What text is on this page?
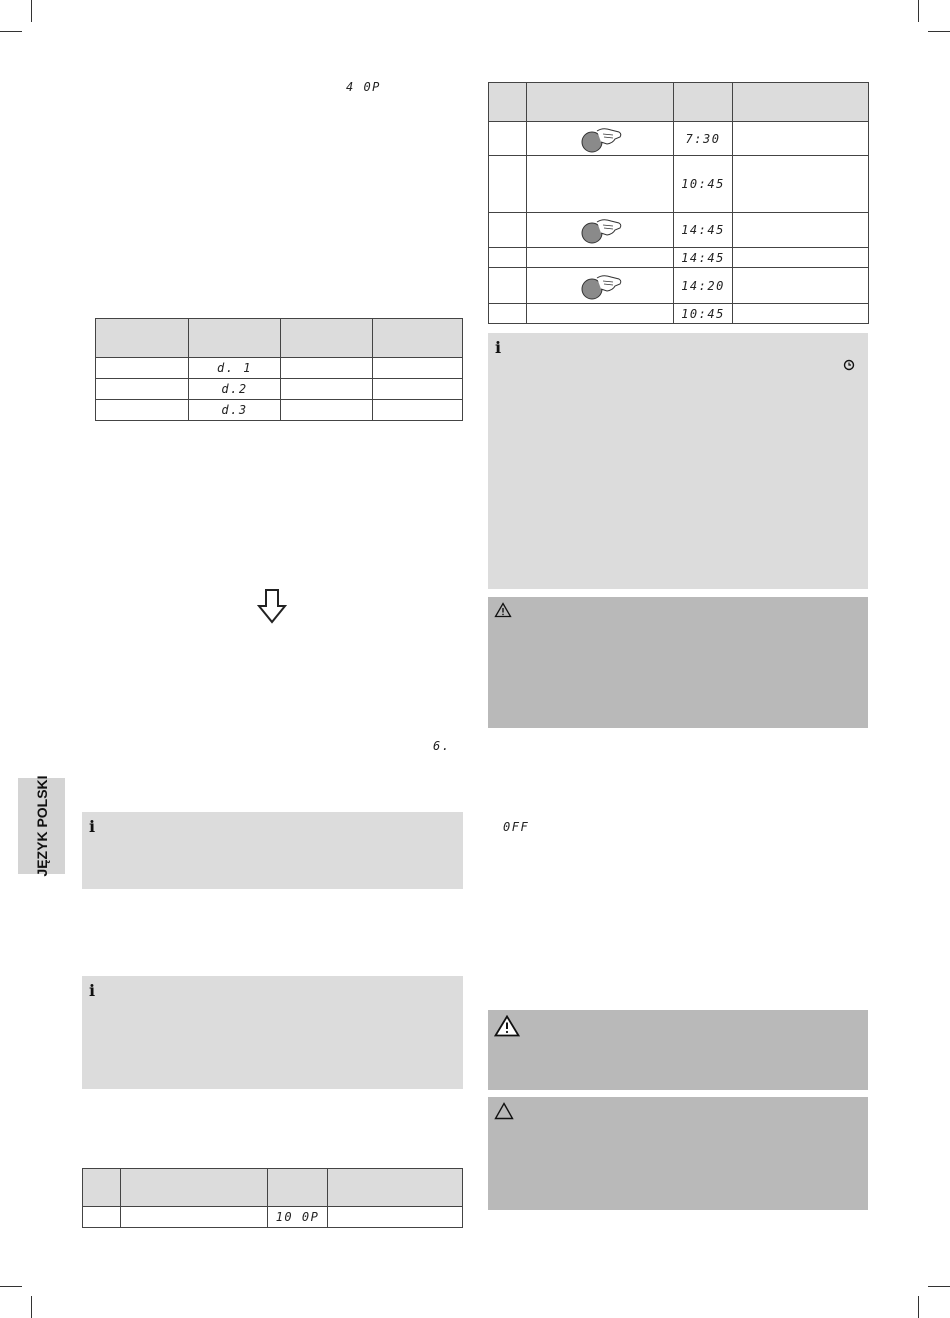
JĘZYK POLSKI
4 0P

	d. 1		
	d.2		
	d.3		
6.
i
i

		10 0P	

		7:30	
		10:45	
		14:45	
		14:45	
		14:20	
		10:45	
i
0FF
